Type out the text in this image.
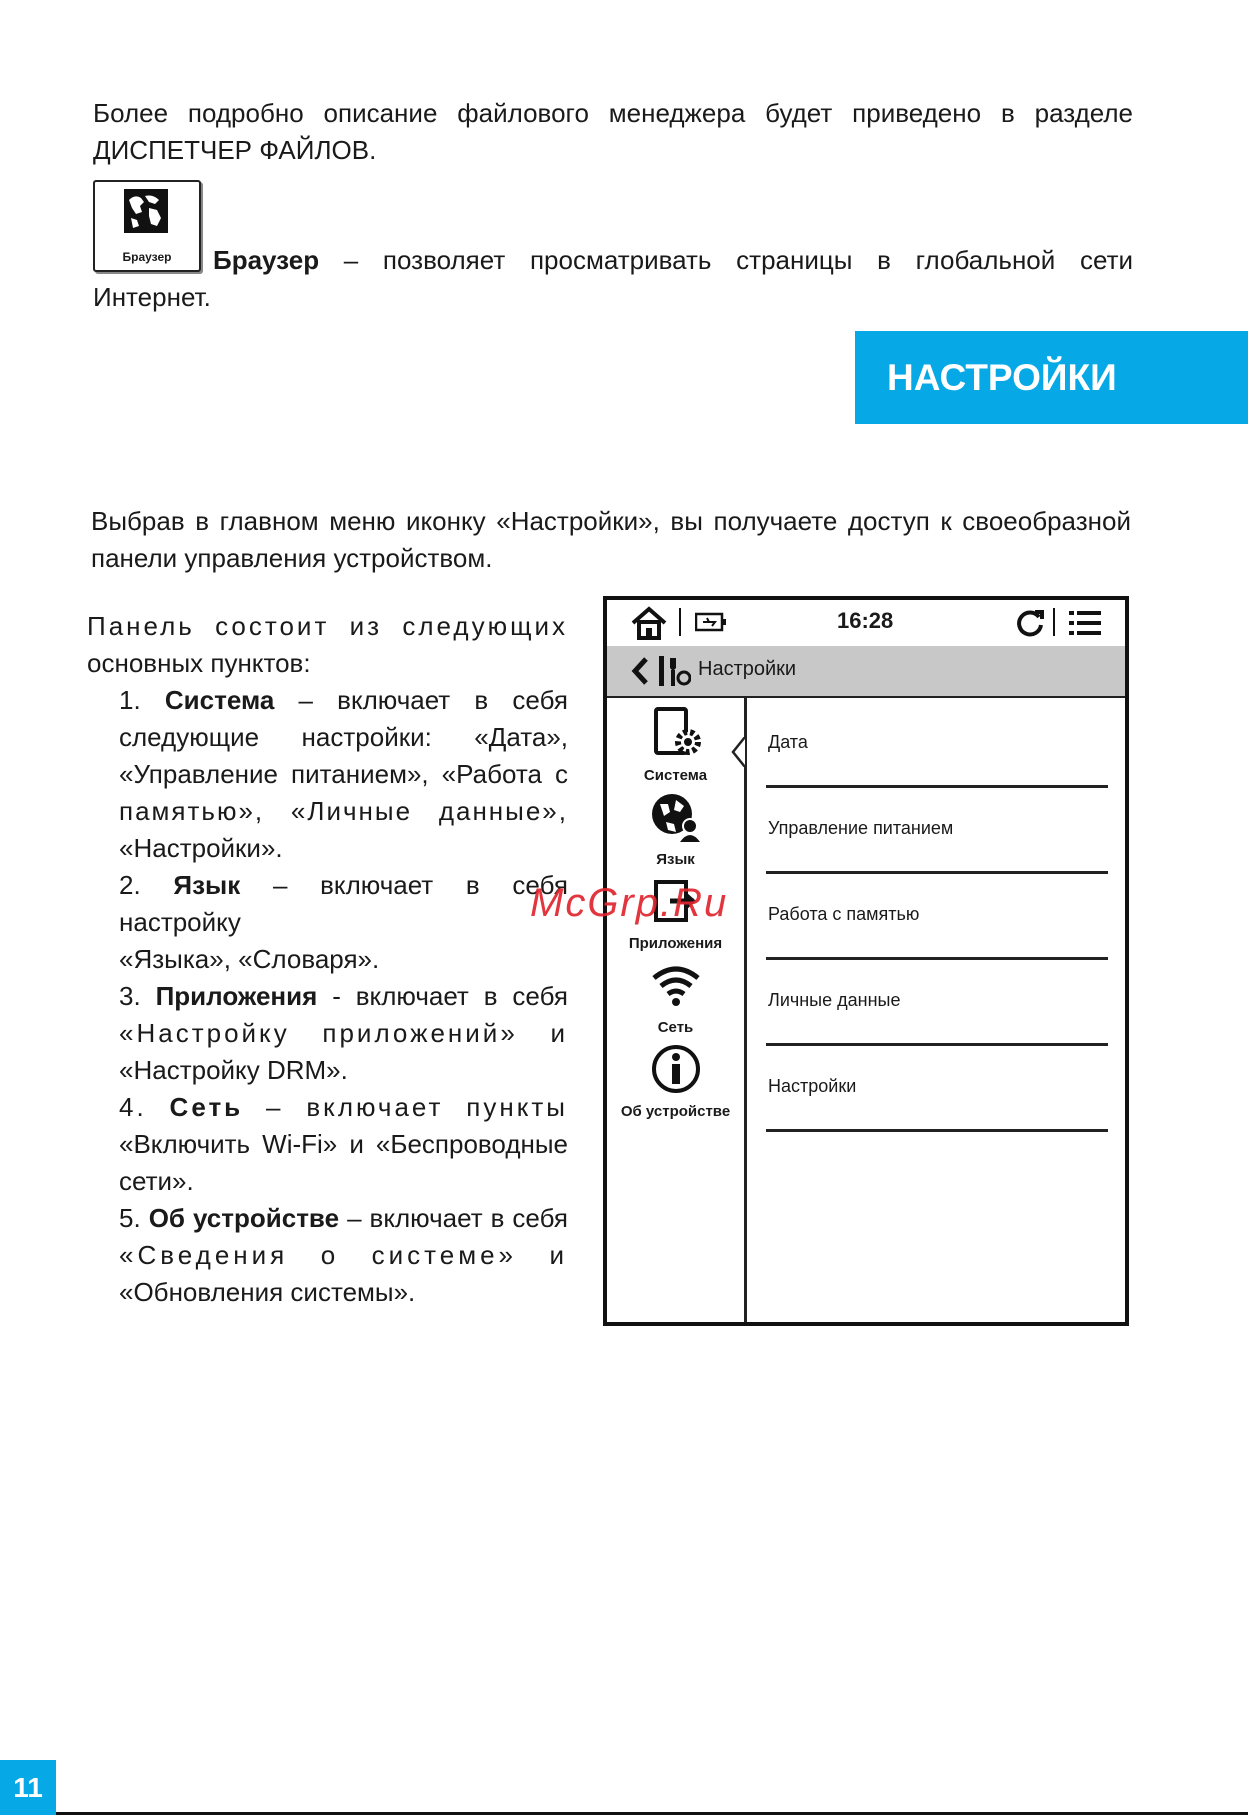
Более подробно описание файлового менеджера будет приведено в разделе

ДИСПЕТЧЕР ФАЙЛОВ.

Браузер	Браузер – позволяет просматривать страницы в глобальной сети

Интернет.

НАСТРОЙКИ

Выбрав в главном меню иконку «Настройки», вы получаете доступ к своеобразной

панели управления устройством.

Панель состоит из следующих

основных пунктов:

1. Система – включает в себя

следующие настройки: «Дата»,

«Управление питанием», «Работа с

памятью», «Личные данные»,

«Настройки».

2. Язык – включает в себя настройку

«Языка», «Словаря».

3. Приложения - включает в себя

«Настройку приложений» и

«Настройку DRM».

4. Сеть – включает пункты

«Включить Wi-Fi» и «Беспроводные

сети».

5. Об устройстве – включает в себя

«Сведения о системе» и

«Обновления системы».

16:28
Настройки
Система
Язык
Приложения
Сеть
Об устройстве
Дата
Управление питанием
Работа с памятью
Личные данные
Настройки
McGrp.Ru
11
